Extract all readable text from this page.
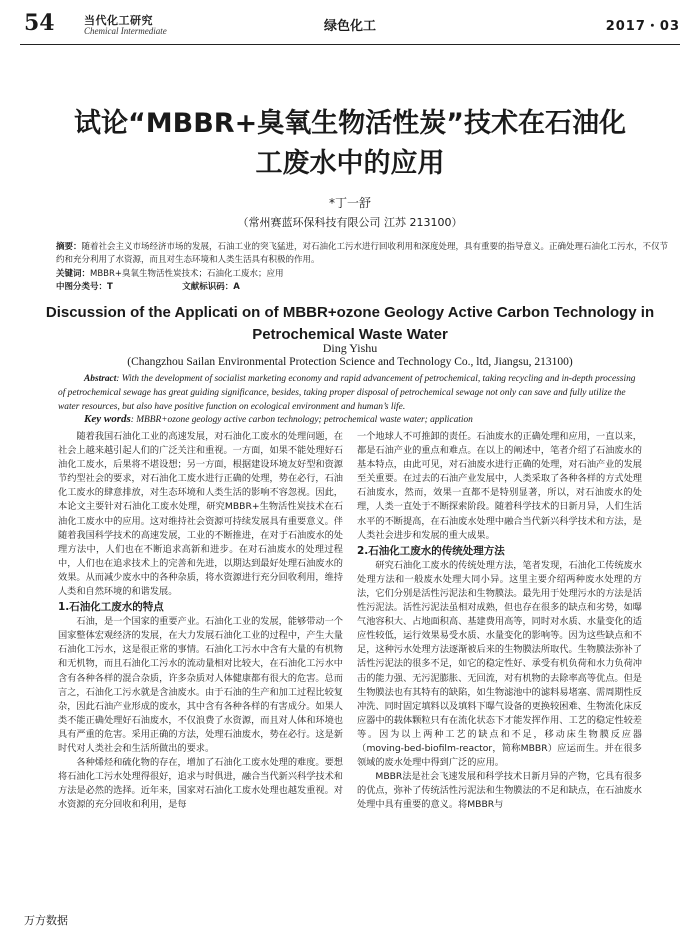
54	当代化工研究
Chemical Intermediate	绿色化工	2017・03
试论“MBBR+臭氧生物活性炭”技术在石油化
工废水中的应用
*丁一舒
（常州赛蓝环保科技有限公司 江苏 213100）
摘要：随着社会主义市场经济市场的发展，石油工业的突飞猛进，对石油化工污水进行回收利用和深度处理，具有重要的指导意义。正确处理石油化工污水，不仅节约和充分利用了水资源，而且对生态环境和人类生活具有积极的作用。
关键词：MBBR+臭氧生物活性炭技术；石油化工废水；应用
中图分类号：T	文献标识码：A
Discussion of the Applicati on of MBBR+ozone Geology Active Carbon Technology in
Petrochemical Waste Water
Ding Yishu
(Changzhou Sailan Environmental Protection Science and Technology Co., ltd, Jiangsu, 213100)
Abstract: With the development of socialist marketing economy and rapid advancement of petrochemical, taking recycling and in-depth processing of petrochemical sewage has great guiding significance, besides, taking proper disposal of petrochemical sewage not only can save and fully utilize the water resources, but also have positive function on ecological environment and human’s life.
Key words: MBBR+ozone geology active carbon technology; petrochemical waste water; application

随着我国石油化工业的高速发展，对石油化工废水的处理问题，在社会上越来越引起人们的广泛关注和重视。一方面，如果不能处理好石油化工废水，后果将不堪设想；另一方面，根据建设环境友好型和资源节约型社会的要求，对石油化工废水进行正确的处理，势在必行，石油化工废水的肆意排放，对生态环境和人类生活的影响不容忽视。因此，本论文主要针对石油化工废水处理，研究MBBR+生物活性炭技术在石油化工废水中的应用。这对维持社会资源可持续发展具有重要意义。伴随着我国科学技术的高速发展，工业的不断推进，在对于石油废水的处理方法中，人们也在不断追求高新和进步。在对石油废水的处理过程中，人们也在追求技术上的完善和先进，以期达到最好处理石油废水的效果。从而减少废水中的各种杂质，将水资源进行充分回收利用，维持人类和自然环境的和谐发展。

1.石油化工废水的特点

石油，是一个国家的重要产业。石油化工业的发展，能够带动一个国家整体宏观经济的发展，在大力发展石油化工业的过程中，产生大量石油化工污水，这是很正常的事情。石油化工污水中含有大量的有机物和无机物，而且石油化工污水的流动量相对比较大，在石油化工污水中含有各种各样的混合杂质，许多杂质对人体健康都有很大的危害。总而言之，石油化工污水就是含油废水。由于石油的生产和加工过程比较复杂，因此石油产业形成的废水，其中含有各种各样的有害成分。如果人类不能正确处理好石油废水，不仅浪费了水资源，而且对人体和环境也具有严重的危害。采用正确的方法，处理石油废水，势在必行。这是新时代对人类社会和生活所做出的要求。

各种烯烃和硫化物的存在，增加了石油化工废水处理的难度。要想将石油化工污水处理得很好，追求与时俱进，融合当代新兴科学技术和方法是必然的选择。近年来，国家对石油化工废水处理也越发重视。对水资源的充分回收和利用，是每

一个地球人不可推卸的责任。石油废水的正确处理和应用，一直以来，都是石油产业的重点和难点。在以上的阐述中，笔者介绍了石油废水的基本特点，由此可见，对石油废水进行正确的处理，对石油产业的发展至关重要。在过去的石油产业发展中，人类采取了各种各样的方式处理石油废水，然而，效果一直都不是特别显著，所以，对石油废水的处理，人类一直处于不断探索阶段。随着科学技术的日新月异，人们生活水平的不断提高，在石油废水处理中融合当代新兴科学技术和方法，是人类社会进步和发展的重大成果。

2.石油化工废水的传统处理方法

研究石油化工废水的传统处理方法，笔者发现，石油化工传统废水处理方法和一般废水处理大同小异。这里主要介绍两种废水处理的方法，它们分别是活性污泥法和生物膜法。最先用于处理污水的方法是活性污泥法。活性污泥法虽相对成熟，但也存在很多的缺点和劣势，如曝气池容积大、占地面积高、基建费用高等，同时对水质、水量变化的适应性较低，运行效果易受水质、水量变化的影响等。因为这些缺点和不足，这种污水处理方法逐渐被后来的生物膜法所取代。生物膜法弥补了活性污泥法的很多不足，如它的稳定性好、承受有机负荷和水力负荷冲击的能力强、无污泥膨胀、无回流，对有机物的去除率高等优点。但是生物膜法也有其特有的缺陷，如生物滤池中的滤料易堵塞、需周期性反冲洗、同时固定填料以及填料下曝气设备的更换较困难、生物流化床反应器中的载体颗粒只有在流化状态下才能发挥作用、工艺的稳定性较差等。因为以上两种工艺的缺点和不足，移动床生物膜反应器（moving-bed-biofilm-reactor，简称MBBR）应运而生。并在很多领域的废水处理中得到广泛的应用。

MBBR法是社会飞速发展和科学技术日新月异的产物，它具有很多的优点，弥补了传统活性污泥法和生物膜法的不足和缺点，在石油废水处理中具有重要的意义。将MBBR与

万方数据
